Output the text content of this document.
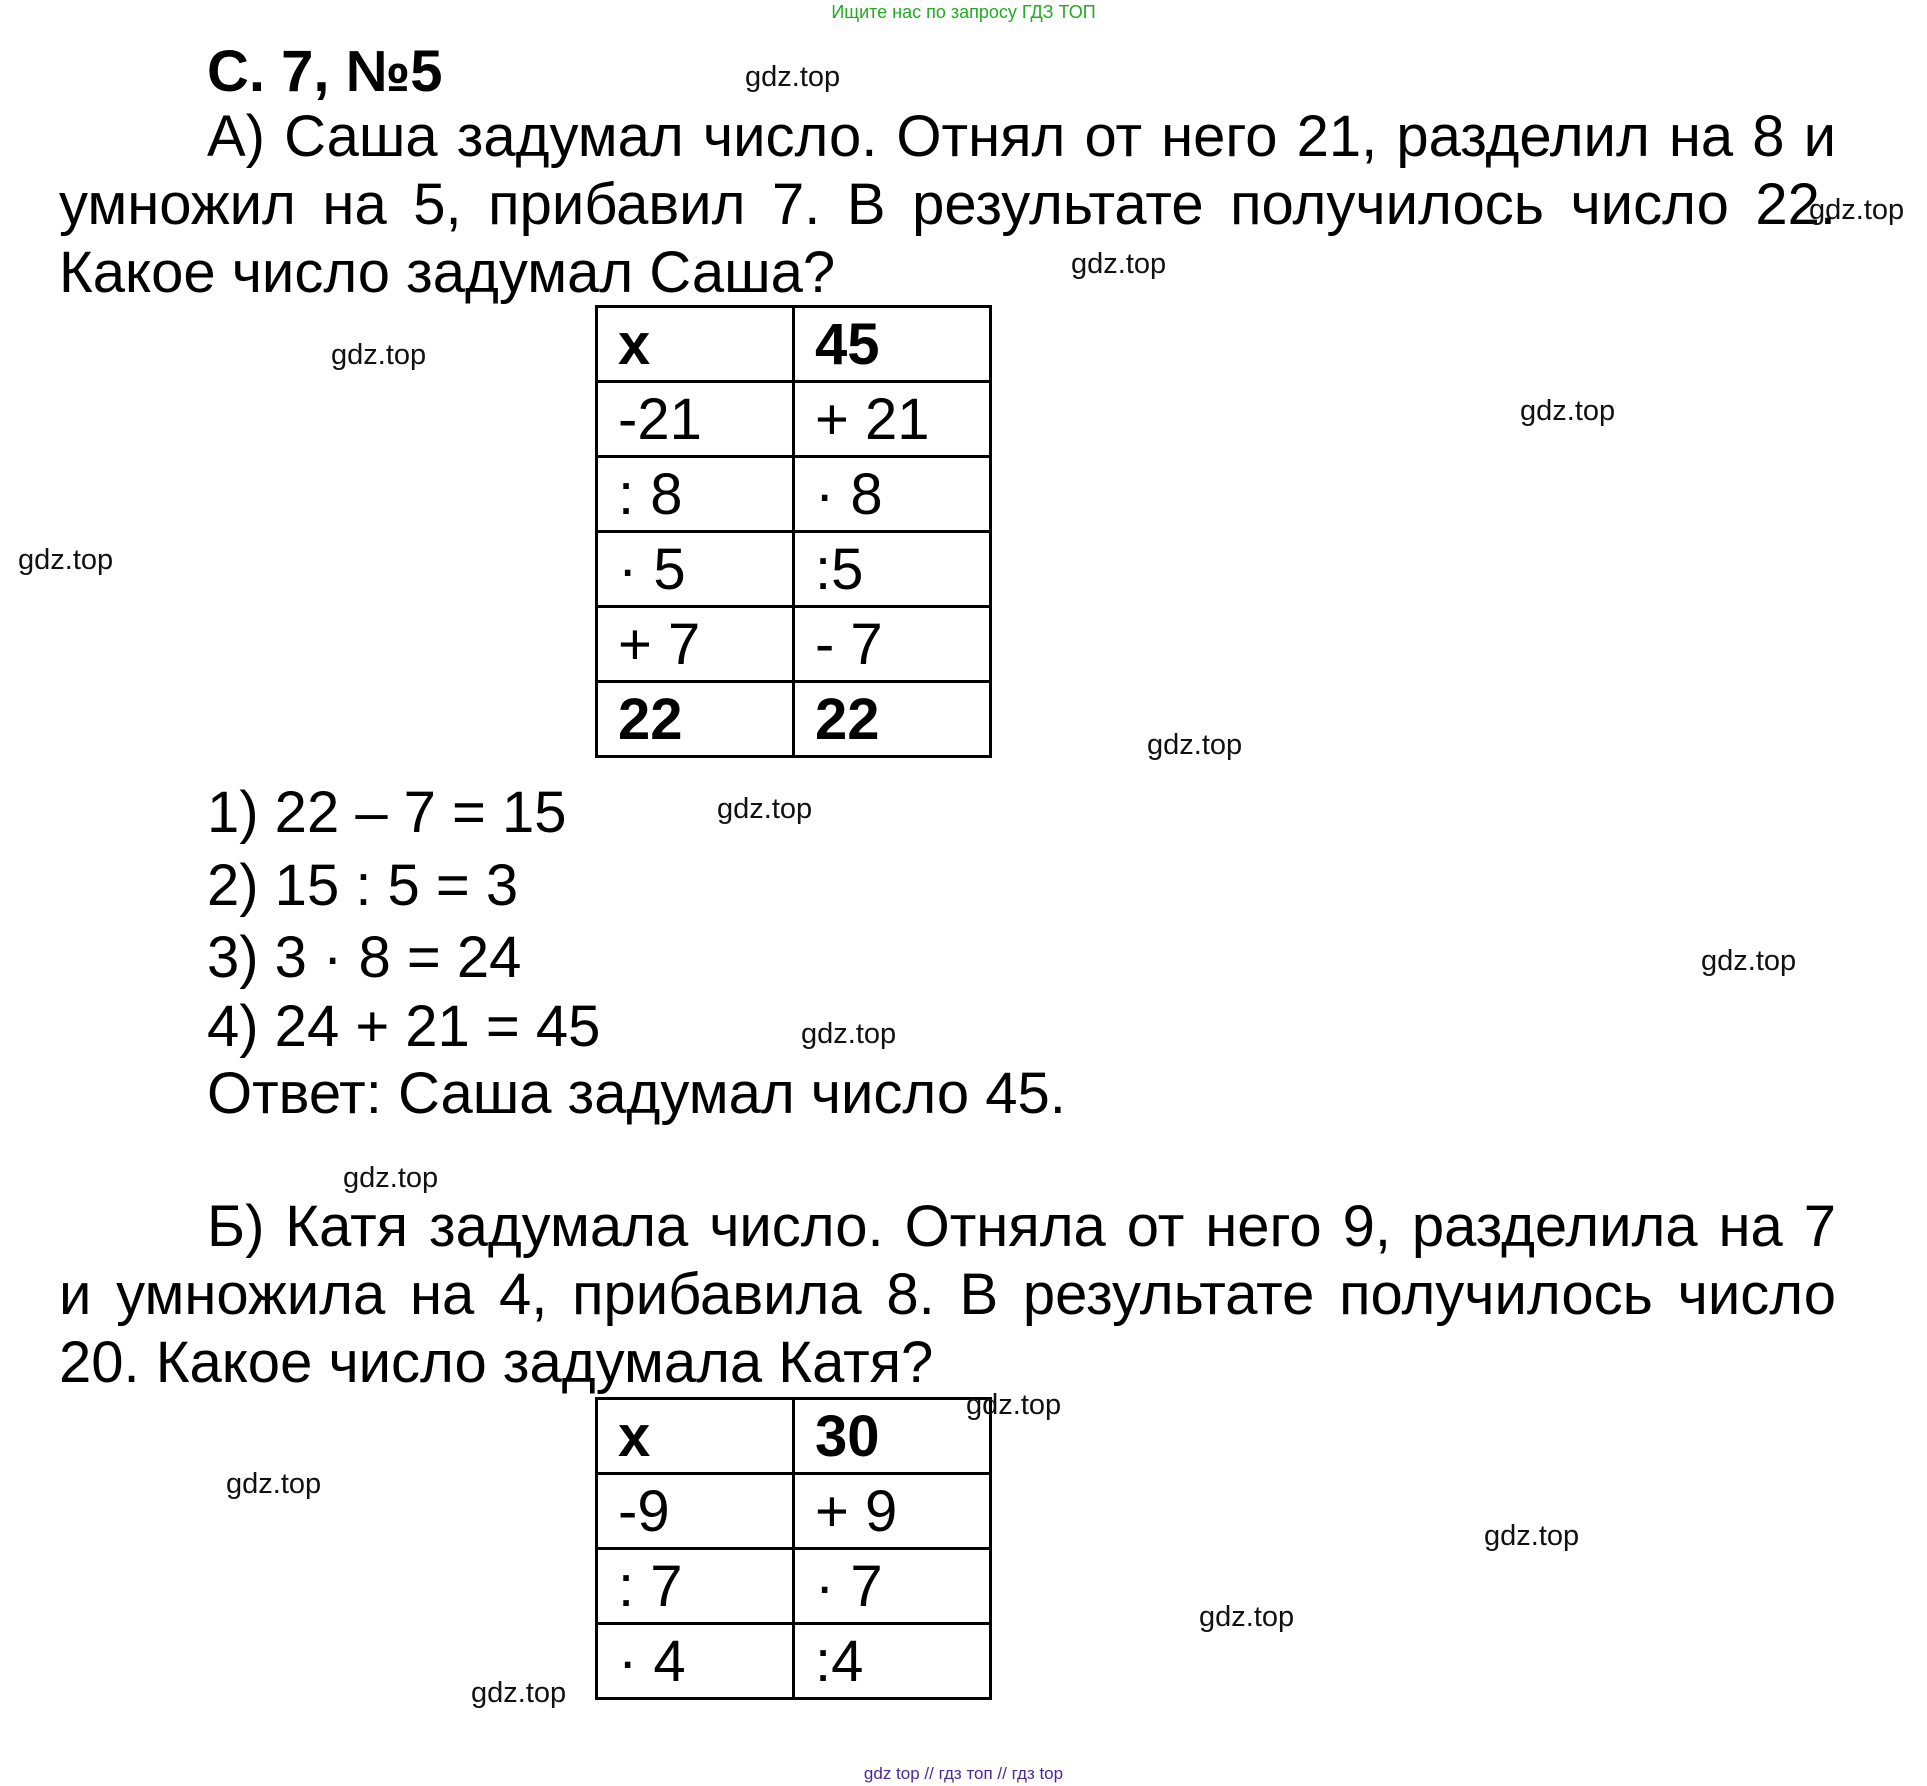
Ищите нас по запросу ГДЗ ТОП
С. 7, №5
А) Саша задумал число. Отнял от него 21, разделил на 8 и умножил на 5, прибавил 7. В результате получилось число 22. Какое число задумал Саша?
x	45
-21	+ 21
: 8	· 8
· 5	:5
+ 7	- 7
22	22
1) 22 – 7 = 15
2) 15 : 5 = 3
3) 3 · 8 = 24
4) 24 + 21 = 45
Ответ: Саша задумал число 45.
Б) Катя задумала число. Отняла от него 9, разделила на 7 и умножила на 4, прибавила 8. В результате получилось число 20. Какое число задумала Катя?
x	30
-9	+ 9
: 7	· 7
· 4	:4
gdz.top
gdz.top
gdz.top
gdz.top
gdz.top
gdz.top
gdz.top
gdz.top
gdz.top
gdz.top
gdz.top
gdz.top
gdz.top
gdz.top
gdz.top
gdz.top
gdz top // гдз топ // гдз top
